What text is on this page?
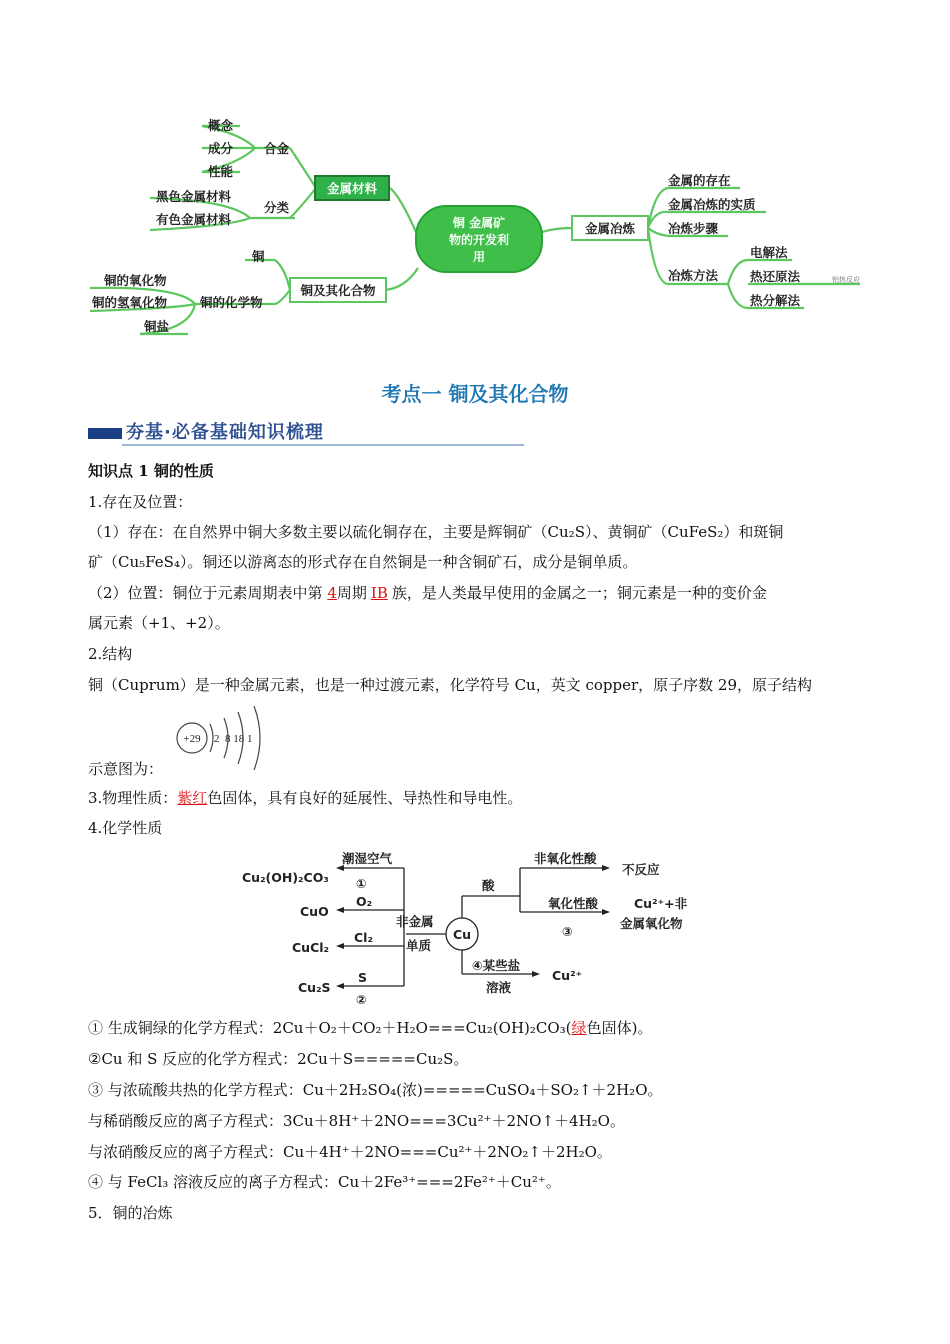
铜 金属矿
物的开发利
用
金属材料
铜及其化合物
金属冶炼
合金
概念
成分
性能
分类
黑色金属材料
有色金属材料
铜
铜的化学物
铜的氧化物
铜的氢氧化物
铜盐
金属的存在
金属冶炼的实质
冶炼步骤
冶炼方法
电解法
热还原法
热分解法
铝热反应
考点一 铜及其化合物
夯基·必备基础知识梳理
知识点 1 铜的性质
1.存在及位置：
（1）存在：在自然界中铜大多数主要以硫化铜存在，主要是辉铜矿（Cu₂S）、黄铜矿（CuFeS₂）和斑铜
矿（Cu₅FeS₄）。铜还以游离态的形式存在自然铜是一种含铜矿石，成分是铜单质。
（2）位置：铜位于元素周期表中第 4周期 ⅠB 族，是人类最早使用的金属之一；铜元素是一种的变价金
属元素（+1、+2）。
2.结构
铜（Cuprum）是一种金属元素，也是一种过渡元素，化学符号 Cu，英文 copper，原子序数 29，原子结构
+29 2  8 18 1
示意图为：
3.物理性质：紫红色固体，具有良好的延展性、导热性和导电性。
4.化学性质
Cu
Cu₂(OH)₂CO₃
CuO
CuCl₂
Cu₂S
潮湿空气
①
O₂
Cl₂
S
②
非金属
单质
酸
非氧化性酸
不反应
氧化性酸
③
Cu²⁺+非
金属氧化物
④某些盐
溶液
Cu²⁺
① 生成铜绿的化学方程式：2Cu＋O₂＋CO₂＋H₂O===Cu₂(OH)₂CO₃(绿色固体)。
②Cu 和 S 反应的化学方程式：2Cu＋S=====Cu₂S。
③ 与浓硫酸共热的化学方程式：Cu＋2H₂SO₄(浓)=====CuSO₄＋SO₂↑＋2H₂O。
与稀硝酸反应的离子方程式：3Cu＋8H⁺＋2NO===3Cu²⁺＋2NO↑＋4H₂O。
与浓硝酸反应的离子方程式：Cu＋4H⁺＋2NO===Cu²⁺＋2NO₂↑＋2H₂O。
④ 与 FeCl₃ 溶液反应的离子方程式：Cu＋2Fe³⁺===2Fe²⁺＋Cu²⁺。
5．铜的冶炼
